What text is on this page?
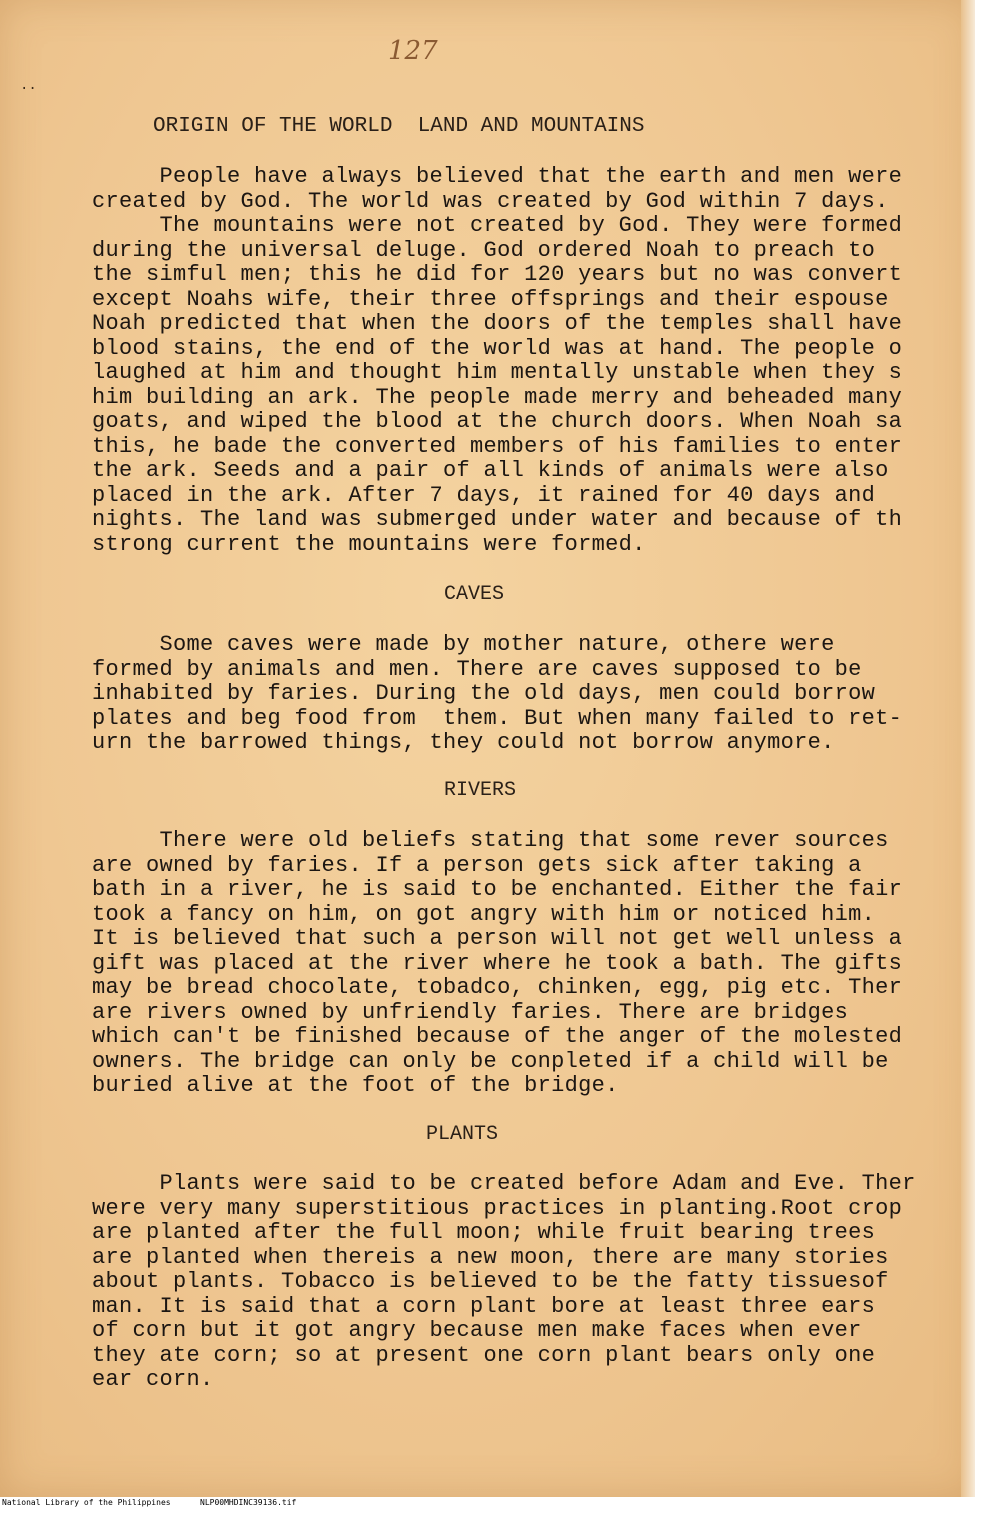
127
..
ORIGIN OF THE WORLD  LAND AND MOUNTAINS

People have always believed that the earth and men were
created by God. The world was created by God within 7 days.
The mountains were not created by God. They were formed
during the universal deluge. God ordered Noah to preach to
the simful men; this he did for 120 years but no was convert
except Noahs wife, their three offsprings and their espouse
Noah predicted that when the doors of the temples shall have
blood stains, the end of the world was at hand. The people o
laughed at him and thought him mentally unstable when they s
him building an ark. The people made merry and beheaded many
goats, and wiped the blood at the church doors. When Noah sa
this, he bade the converted members of his families to enter
the ark. Seeds and a pair of all kinds of animals were also
placed in the ark. After 7 days, it rained for 40 days and
nights. The land was submerged under water and because of th
strong current the mountains were formed.

CAVES

Some caves were made by mother nature, othere were
formed by animals and men. There are caves supposed to be
inhabited by faries. During the old days, men could borrow
plates and beg food from  them. But when many failed to ret-
urn the barrowed things, they could not borrow anymore.

RIVERS

There were old beliefs stating that some rever sources
are owned by faries. If a person gets sick after taking a
bath in a river, he is said to be enchanted. Either the fair
took a fancy on him, on got angry with him or noticed him.
It is believed that such a person will not get well unless a
gift was placed at the river where he took a bath. The gifts
may be bread chocolate, tobadco, chinken, egg, pig etc. Ther
are rivers owned by unfriendly faries. There are bridges
which can't be finished because of the anger of the molested
owners. The bridge can only be conpleted if a child will be
buried alive at the foot of the bridge.

PLANTS

Plants were said to be created before Adam and Eve. Ther
were very many superstitious practices in planting.Root crop
are planted after the full moon; while fruit bearing trees
are planted when thereis a new moon, there are many stories
about plants. Tobacco is believed to be the fatty tissuesof
man. It is said that a corn plant bore at least three ears
of corn but it got angry because men make faces when ever
they ate corn; so at present one corn plant bears only one
ear corn.

National Library of the Philippines

	NLP00MHDINC39136.tif
